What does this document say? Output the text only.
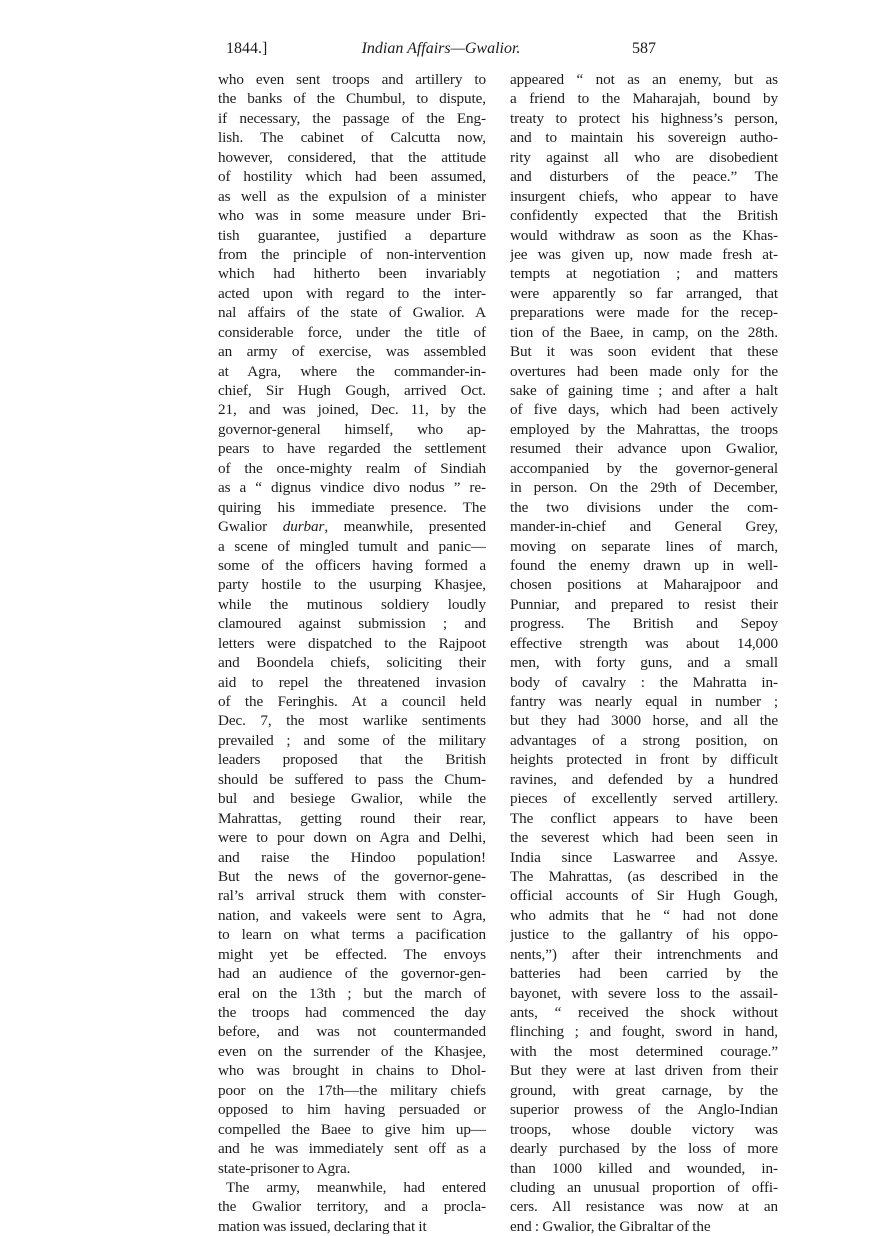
1844.]	Indian Affairs—Gwalior.	587
who even sent troops and artillery to
the banks of the Chumbul, to dispute,
if necessary, the passage of the Eng-
lish. The cabinet of Calcutta now,
however, considered, that the attitude
of hostility which had been assumed,
as well as the expulsion of a minister
who was in some measure under Bri-
tish guarantee, justified a departure
from the principle of non-intervention
which had hitherto been invariably
acted upon with regard to the inter-
nal affairs of the state of Gwalior. A
considerable force, under the title of
an army of exercise, was assembled
at Agra, where the commander-in-
chief, Sir Hugh Gough, arrived Oct.
21, and was joined, Dec. 11, by the
governor-general himself, who ap-
pears to have regarded the settlement
of the once-mighty realm of Sindiah
as a “ dignus vindice divo nodus ” re-
quiring his immediate presence. The
Gwalior durbar, meanwhile, presented
a scene of mingled tumult and panic—
some of the officers having formed a
party hostile to the usurping Khasjee,
while the mutinous soldiery loudly
clamoured against submission ; and
letters were dispatched to the Rajpoot
and Boondela chiefs, soliciting their
aid to repel the threatened invasion
of the Feringhis. At a council held
Dec. 7, the most warlike sentiments
prevailed ; and some of the military
leaders proposed that the British
should be suffered to pass the Chum-
bul and besiege Gwalior, while the
Mahrattas, getting round their rear,
were to pour down on Agra and Delhi,
and raise the Hindoo population!
But the news of the governor-gene-
ral’s arrival struck them with conster-
nation, and vakeels were sent to Agra,
to learn on what terms a pacification
might yet be effected. The envoys
had an audience of the governor-gen-
eral on the 13th ; but the march of
the troops had commenced the day
before, and was not countermanded
even on the surrender of the Khasjee,
who was brought in chains to Dhol-
poor on the 17th—the military chiefs
opposed to him having persuaded or
compelled the Baee to give him up—
and he was immediately sent off as a
state-prisoner to Agra.
The army, meanwhile, had entered
the Gwalior territory, and a procla-
mation was issued, declaring that it
appeared “ not as an enemy, but as
a friend to the Maharajah, bound by
treaty to protect his highness’s person,
and to maintain his sovereign autho-
rity against all who are disobedient
and disturbers of the peace.” The
insurgent chiefs, who appear to have
confidently expected that the British
would withdraw as soon as the Khas-
jee was given up, now made fresh at-
tempts at negotiation ; and matters
were apparently so far arranged, that
preparations were made for the recep-
tion of the Baee, in camp, on the 28th.
But it was soon evident that these
overtures had been made only for the
sake of gaining time ; and after a halt
of five days, which had been actively
employed by the Mahrattas, the troops
resumed their advance upon Gwalior,
accompanied by the governor-general
in person. On the 29th of December,
the two divisions under the com-
mander-in-chief and General Grey,
moving on separate lines of march,
found the enemy drawn up in well-
chosen positions at Maharajpoor and
Punniar, and prepared to resist their
progress. The British and Sepoy
effective strength was about 14,000
men, with forty guns, and a small
body of cavalry : the Mahratta in-
fantry was nearly equal in number ;
but they had 3000 horse, and all the
advantages of a strong position, on
heights protected in front by difficult
ravines, and defended by a hundred
pieces of excellently served artillery.
The conflict appears to have been
the severest which had been seen in
India since Laswarree and Assye.
The Mahrattas, (as described in the
official accounts of Sir Hugh Gough,
who admits that he “ had not done
justice to the gallantry of his oppo-
nents,”) after their intrenchments and
batteries had been carried by the
bayonet, with severe loss to the assail-
ants, “ received the shock without
flinching ; and fought, sword in hand,
with the most determined courage.”
But they were at last driven from their
ground, with great carnage, by the
superior prowess of the Anglo-Indian
troops, whose double victory was
dearly purchased by the loss of more
than 1000 killed and wounded, in-
cluding an unusual proportion of offi-
cers. All resistance was now at an
end : Gwalior, the Gibraltar of the
